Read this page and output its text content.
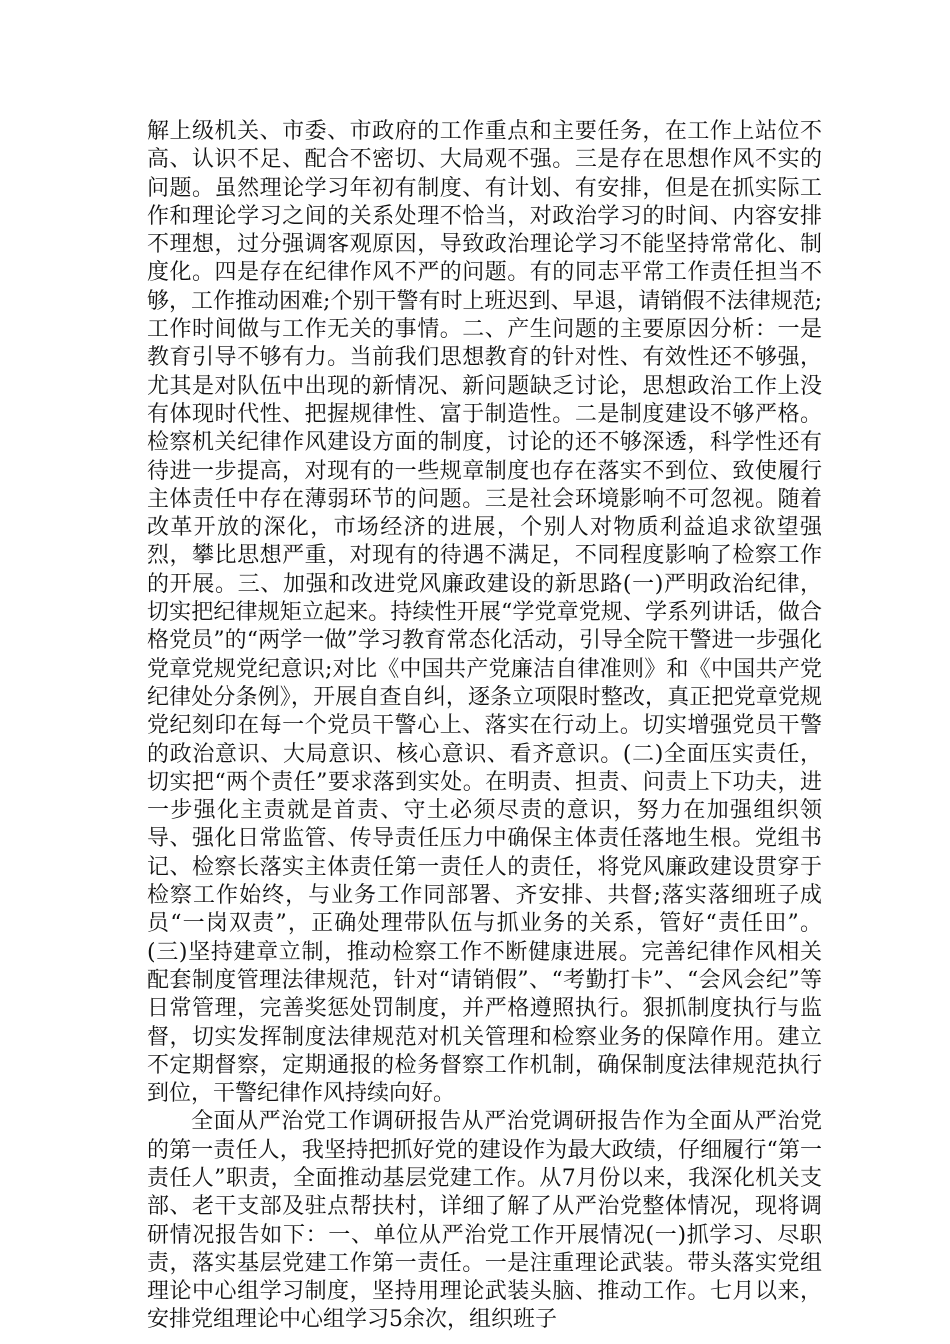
解上级机关、市委、市政府的工作重点和主要任务，在工作上站位不高、认识不足、配合不密切、大局观不强。三是存在思想作风不实的问题。虽然理论学习年初有制度、有计划、有安排，但是在抓实际工作和理论学习之间的关系处理不恰当，对政治学习的时间、内容安排不理想，过分强调客观原因，导致政治理论学习不能坚持常常化、制度化。四是存在纪律作风不严的问题。有的同志平常工作责任担当不够，工作推动困难;个别干警有时上班迟到、早退，请销假不法律规范;工作时间做与工作无关的事情。二、产生问题的主要原因分析：一是教育引导不够有力。当前我们思想教育的针对性、有效性还不够强，尤其是对队伍中出现的新情况、新问题缺乏讨论，思想政治工作上没有体现时代性、把握规律性、富于制造性。二是制度建设不够严格。检察机关纪律作风建设方面的制度，讨论的还不够深透，科学性还有待进一步提高，对现有的一些规章制度也存在落实不到位、致使履行主体责任中存在薄弱环节的问题。三是社会环境影响不可忽视。随着改革开放的深化，市场经济的进展，个别人对物质利益追求欲望强烈，攀比思想严重，对现有的待遇不满足，不同程度影响了检察工作的开展。三、加强和改进党风廉政建设的新思路(一)严明政治纪律，切实把纪律规矩立起来。持续性开展“学党章党规、学系列讲话，做合格党员”的“两学一做”学习教育常态化活动，引导全院干警进一步强化党章党规党纪意识;对比《中国共产党廉洁自律准则》和《中国共产党纪律处分条例》，开展自查自纠，逐条立项限时整改，真正把党章党规党纪刻印在每一个党员干警心上、落实在行动上。切实增强党员干警的政治意识、大局意识、核心意识、看齐意识。(二)全面压实责任，切实把“两个责任”要求落到实处。在明责、担责、问责上下功夫，进一步强化主责就是首责、守土必须尽责的意识，努力在加强组织领导、强化日常监管、传导责任压力中确保主体责任落地生根。党组书记、检察长落实主体责任第一责任人的责任，将党风廉政建设贯穿于检察工作始终，与业务工作同部署、齐安排、共督;落实落细班子成员“一岗双责”，正确处理带队伍与抓业务的关系，管好“责任田”。(三)坚持建章立制，推动检察工作不断健康进展。完善纪律作风相关配套制度管理法律规范，针对“请销假”、“考勤打卡”、“会风会纪”等日常管理，完善奖惩处罚制度，并严格遵照执行。狠抓制度执行与监督，切实发挥制度法律规范对机关管理和检察业务的保障作用。建立不定期督察，定期通报的检务督察工作机制，确保制度法律规范执行到位，干警纪律作风持续向好。

全面从严治党工作调研报告从严治党调研报告作为全面从严治党的第一责任人，我坚持把抓好党的建设作为最大政绩，仔细履行“第一责任人”职责，全面推动基层党建工作。从7月份以来，我深化机关支部、老干支部及驻点帮扶村，详细了解了从严治党整体情况，现将调研情况报告如下：一、单位从严治党工作开展情况(一)抓学习、尽职责，落实基层党建工作第一责任。一是注重理论武装。带头落实党组理论中心组学习制度，坚持用理论武装头脑、推动工作。七月以来，安排党组理论中心组学习5余次，组织班子
